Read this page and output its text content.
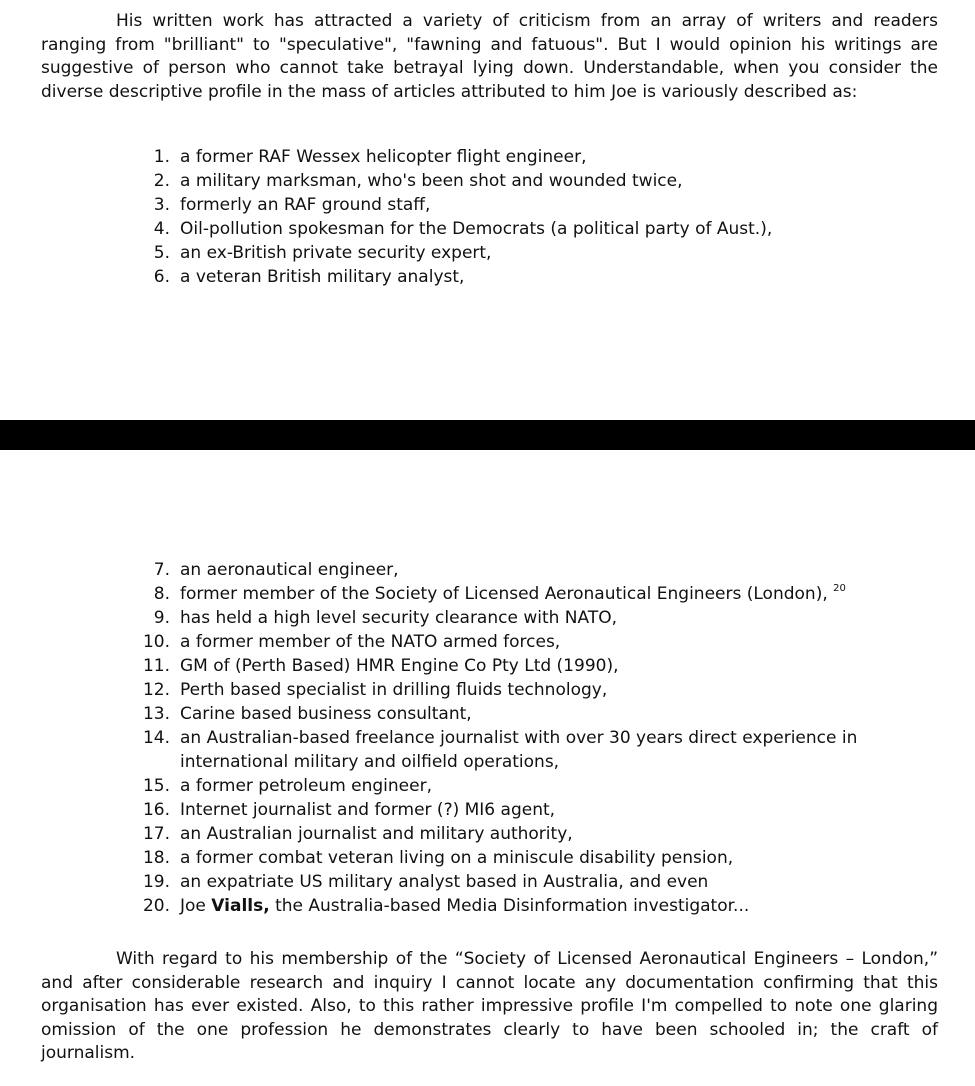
His written work has attracted a variety of criticism from an array of writers and readers ranging from "brilliant" to "speculative", "fawning and fatuous". But I would opinion his writings are suggestive of person who cannot take betrayal lying down. Understandable, when you consider the diverse descriptive profile in the mass of articles attributed to him Joe is variously described as:

1. a former RAF Wessex helicopter flight engineer,
2. a military marksman, who's been shot and wounded twice,
3. formerly an RAF ground staff,
4. Oil-pollution spokesman for the Democrats (a political party of Aust.),
5. an ex-British private security expert,
6. a veteran British military analyst,
7. an aeronautical engineer,
8. former member of the Society of Licensed Aeronautical Engineers (London), $^{20}$
9. has held a high level security clearance with NATO,
10. a former member of the NATO armed forces,
11. GM of (Perth Based) HMR Engine Co Pty Ltd (1990),
12. Perth based specialist in drilling fluids technology,
13. Carine based business consultant,
14. an Australian-based freelance journalist with over 30 years direct experience in international military and oilfield operations,
15. a former petroleum engineer,
16. Internet journalist and former (?) MI6 agent,
17. an Australian journalist and military authority,
18. a former combat veteran living on a miniscule disability pension,
19. an expatriate US military analyst based in Australia, and even
20. Joe Vialls, the Australia-based Media Disinformation investigator...

With regard to his membership of the “Society of Licensed Aeronautical Engineers – London,” and after considerable research and inquiry I cannot locate any documentation confirming that this organisation has ever existed. Also, to this rather impressive profile I'm compelled to note one glaring omission of the one profession he demonstrates clearly to have been schooled in; the craft of journalism.
